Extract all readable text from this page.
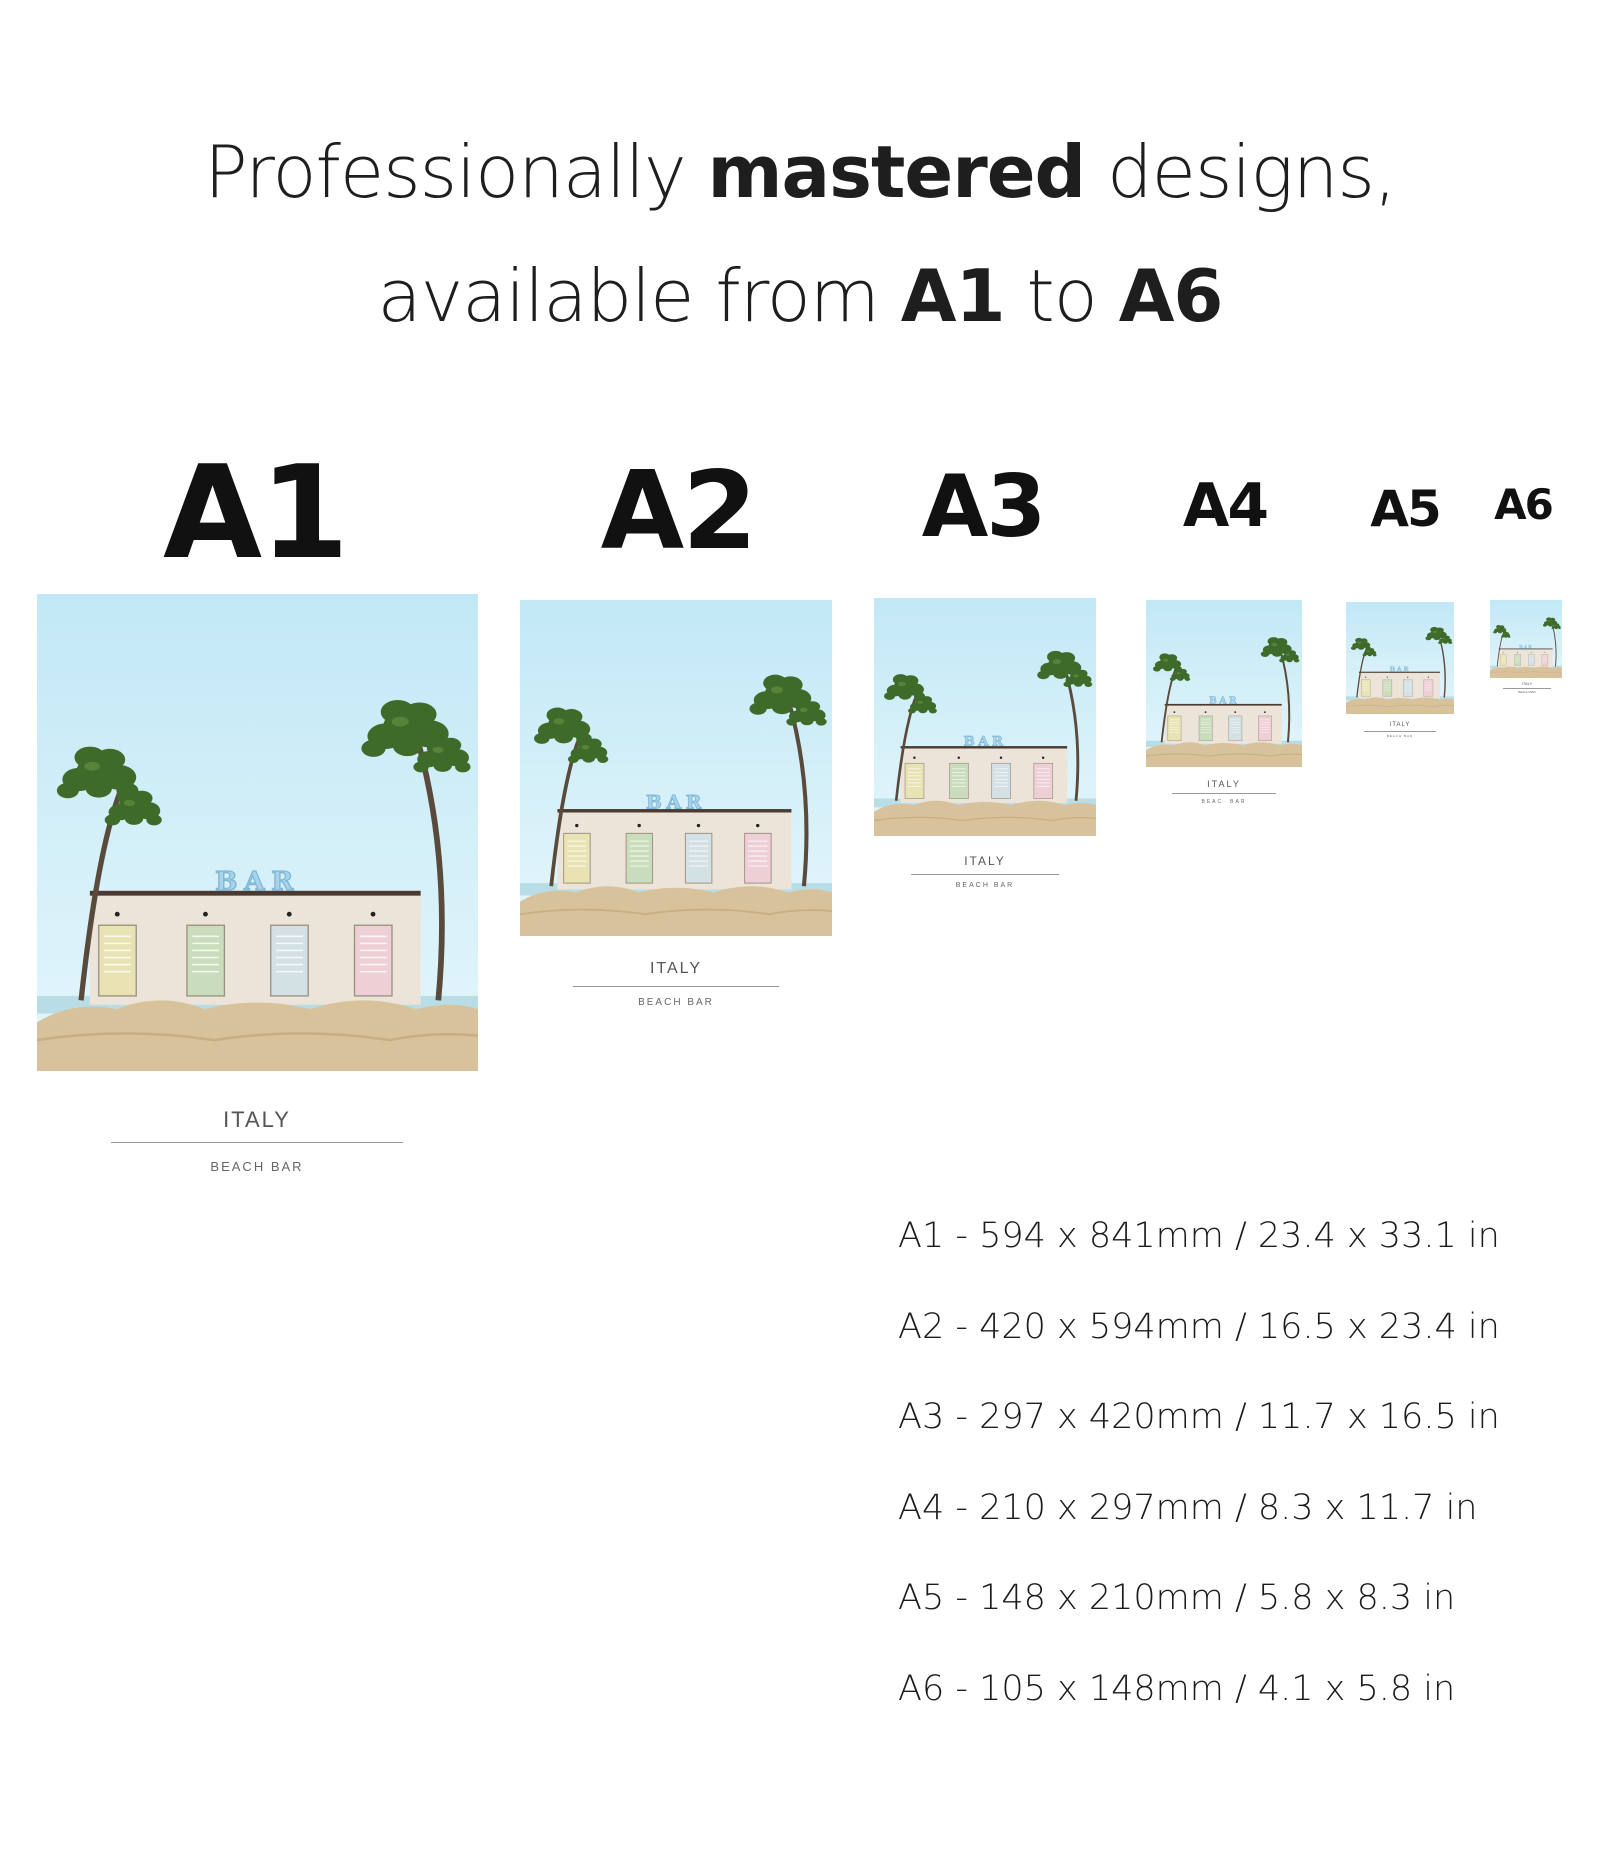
Professionally mastered designs,
available from A1 to A6
A1 A2 A3 A4 A5 A6
BAR
ITALY
BEACH BAR
BAR
ITALY
BEACH BAR
BAR
ITALY
BEACH BAR
BAR
ITALY
BEAC· BAR
BAR
ITALY
BEACH BAR
BAR
ITALY
BEACH BAR
A1 - 594 x 841mm / 23.4 x 33.1 in
A2 - 420 x 594mm / 16.5 x 23.4 in
A3 - 297 x 420mm / 11.7 x 16.5 in
A4 - 210 x 297mm / 8.3 x 11.7 in
A5 - 148 x 210mm / 5.8 x 8.3 in
A6 - 105 x 148mm / 4.1 x 5.8 in
